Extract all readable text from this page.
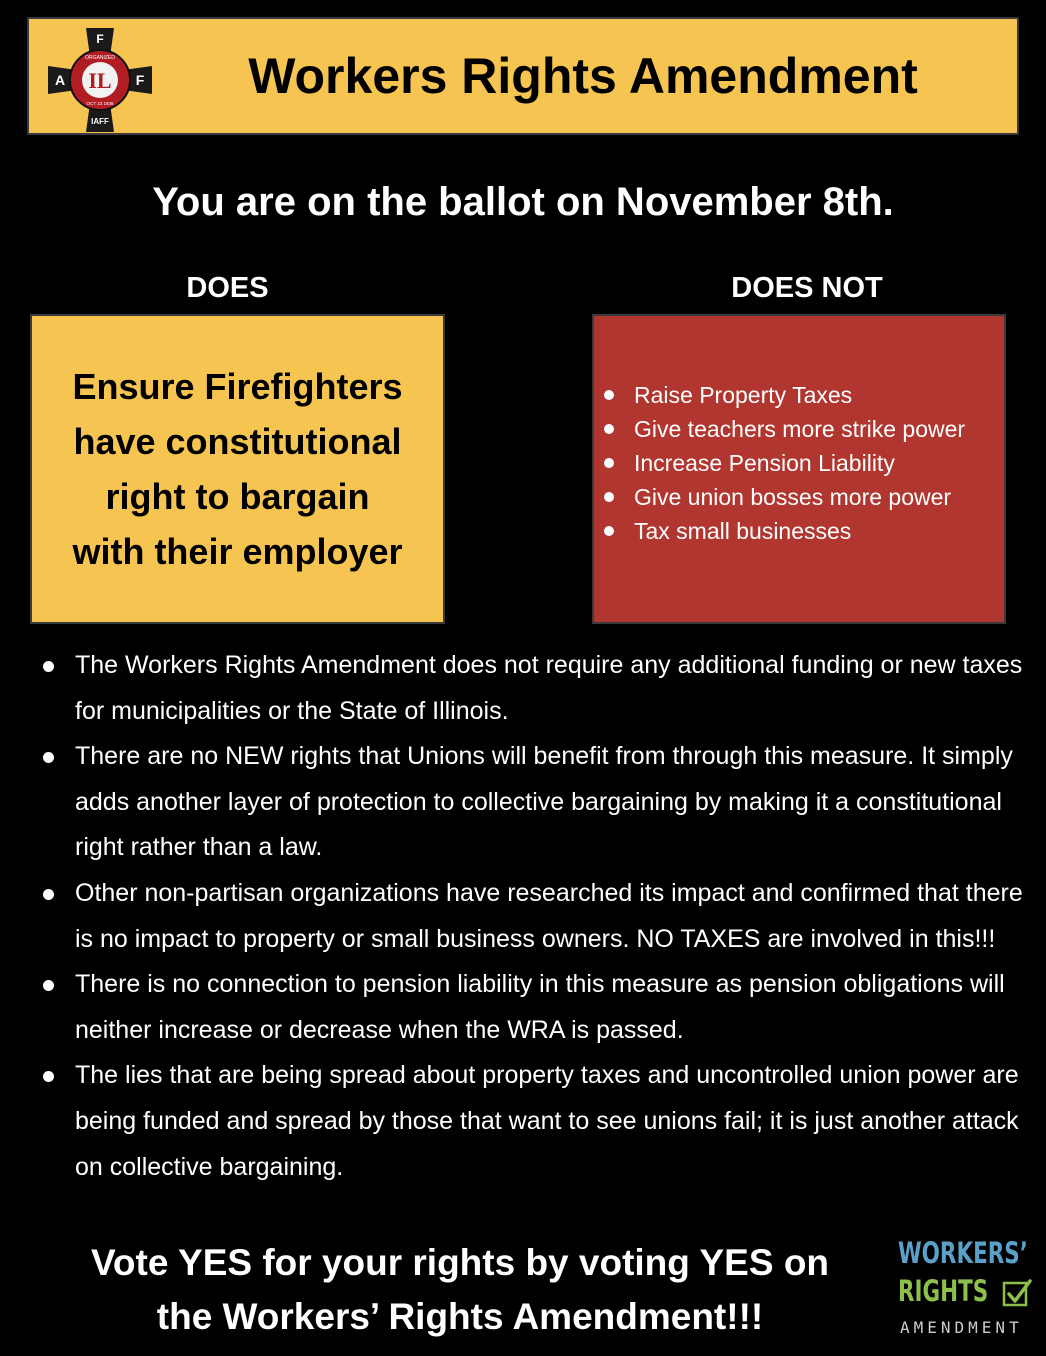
IL
F
A	F
ORGANIZED
OCT 23 1936
IAFF
Workers Rights Amendment
You are on the ballot on November 8th.
DOES	DOES NOT
Ensure Firefighters
have constitutional
right to bargain
with their employer
Raise Property Taxes
Give teachers more strike power
Increase Pension Liability
Give union bosses more power
Tax small businesses
The Workers Rights Amendment does not require any additional funding or new taxes for municipalities or the State of Illinois.
There are no NEW rights that Unions will benefit from through this measure. It simply adds another layer of protection to collective bargaining by making it a constitutional right rather than a law.
Other non-partisan organizations have researched its impact and confirmed that there is no impact to property or small business owners. NO TAXES are involved in this!!!
There is no connection to pension liability in this measure as pension obligations will neither increase or decrease when the WRA is passed.
The lies that are being spread about property taxes and uncontrolled union power are being funded and spread by those that want to see unions fail; it is just another attack on collective bargaining.
Vote YES for your rights by voting YES on
the Workers’ Rights Amendment!!!
WORKERS’
RIGHTS
AMENDMENT
